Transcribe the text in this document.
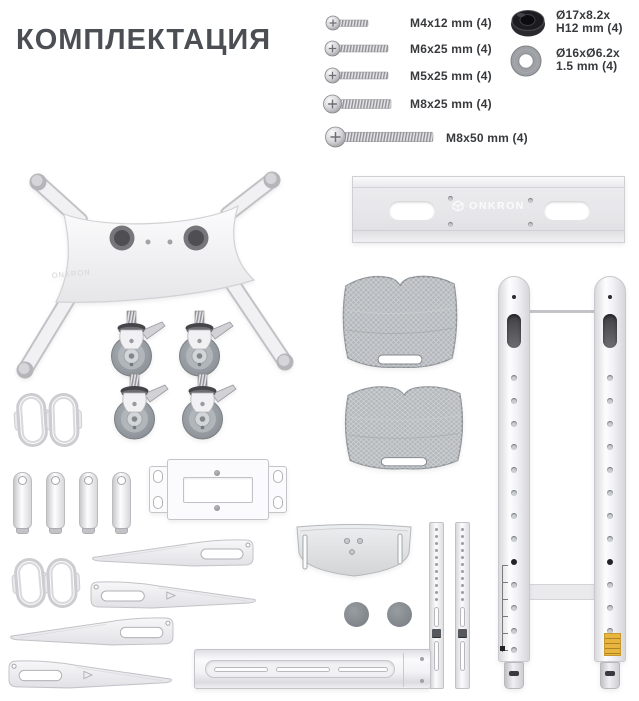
КОМПЛЕКТАЦИЯ
M4x12 mm (4)
M6x25 mm (4)
M5x25 mm (4)
M8x25 mm (4)
M8x50 mm (4)
Ø17x8.2x
H12 mm (4)
Ø16xØ6.2x
1.5 mm (4)
ONKRON
ONKRON
